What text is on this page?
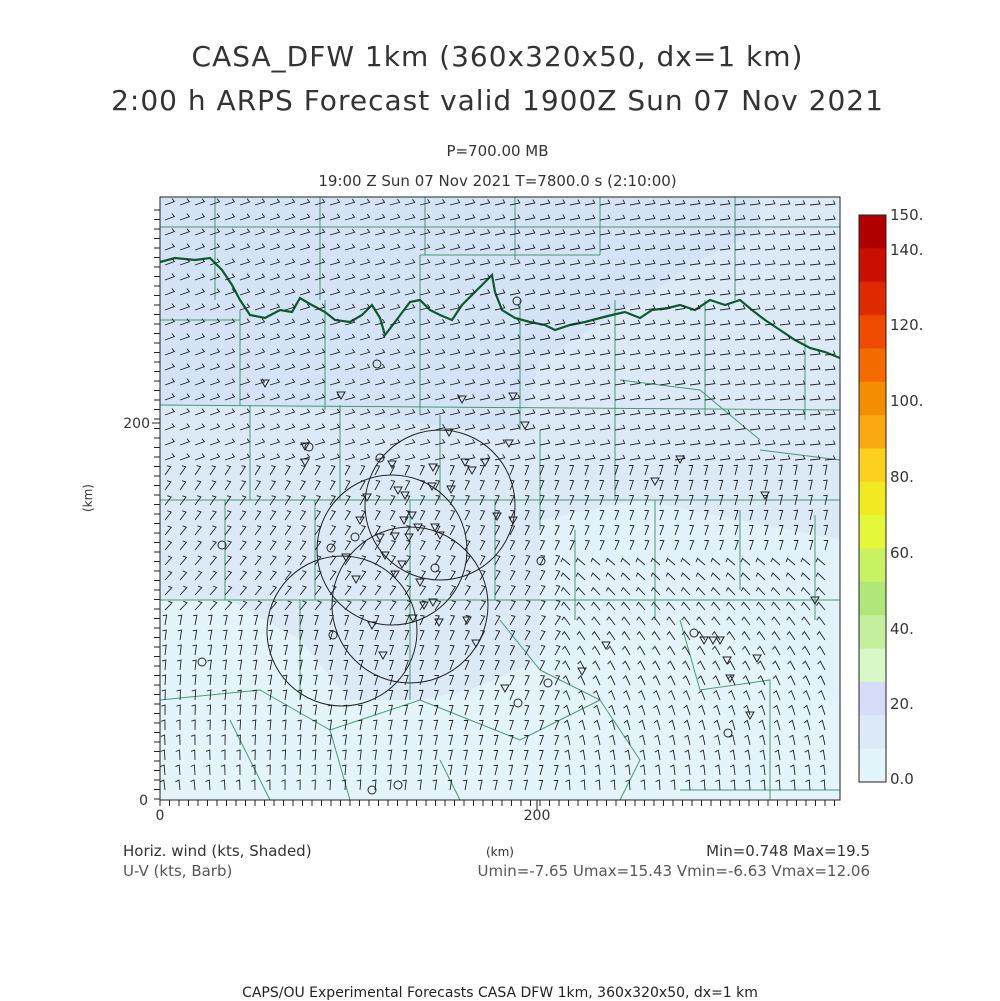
CASA_DFW 1km (360x320x50, dx=1 km)
2:00 h ARPS Forecast valid 1900Z Sun 07 Nov 2021
P=700.00 MB
19:00 Z Sun 07 Nov 2021 T=7800.0 s (2:10:00)
0	200
0
200
(km)
(km)
150.
140.
120.
100.
80.
60.
40.
20.
0.0
Horiz. wind (kts, Shaded)
U-V (kts, Barb)
Min=0.748 Max=19.5
Umin=-7.65 Umax=15.43 Vmin=-6.63 Vmax=12.06
CAPS/OU Experimental Forecasts CASA DFW 1km, 360x320x50, dx=1 km
